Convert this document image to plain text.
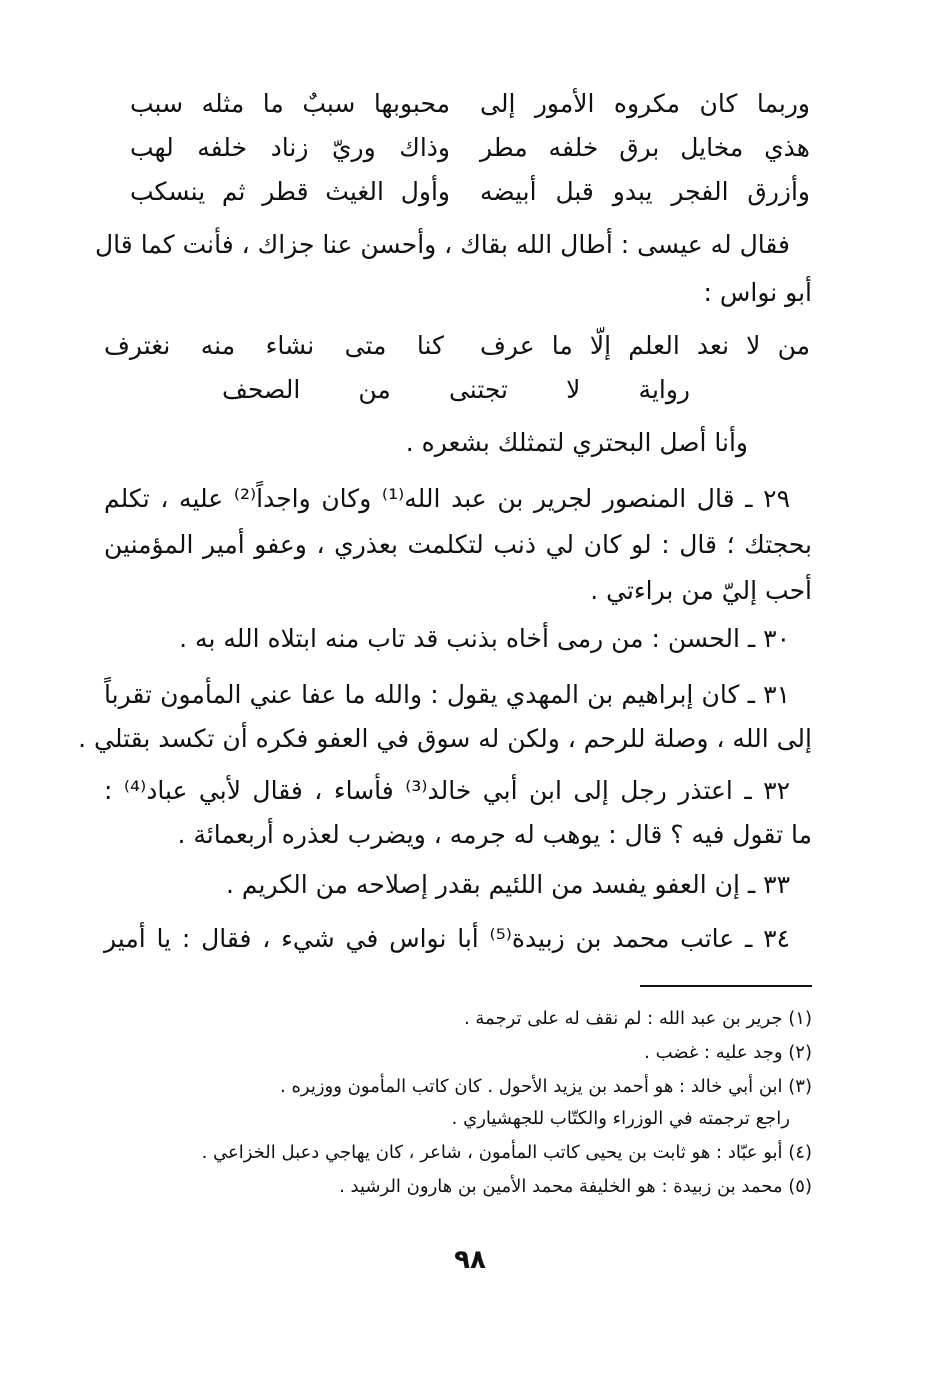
وربما كان مكروه الأمور إلى
محبوبها سببٌ ما مثله سبب
هذي مخايل برق خلفه مطر
وذاك وريّ زناد خلفه لهب
وأزرق الفجر يبدو قبل أبيضه
وأول الغيث قطر ثم ينسكب
فقال له عيسى : أطال الله بقاك ، وأحسن عنا جزاك ، فأنت كما قال
أبو نواس :
من لا نعد العلم إلّا ما عرف
كنا متى نشاء منه نغترف
رواية لا تجتنى من الصحف
وأنا أصل البحتري لتمثلك بشعره .
٢٩ ـ قال المنصور لجرير بن عبد الله⁽¹⁾ وكان واجداً⁽²⁾ عليه ، تكلم
بحجتك ؛ قال : لو كان لي ذنب لتكلمت بعذري ، وعفو أمير المؤمنين
أحب إليّ من براءتي .
٣٠ ـ الحسن : من رمى أخاه بذنب قد تاب منه ابتلاه الله به .
٣١ ـ كان إبراهيم بن المهدي يقول : والله ما عفا عني المأمون تقرباً
إلى الله ، وصلة للرحم ، ولكن له سوق في العفو فكره أن تكسد بقتلي .
٣٢ ـ اعتذر رجل إلى ابن أبي خالد⁽³⁾ فأساء ، فقال لأبي عباد⁽⁴⁾ :
ما تقول فيه ؟ قال : يوهب له جرمه ، ويضرب لعذره أربعمائة .
٣٣ ـ إن العفو يفسد من اللئيم بقدر إصلاحه من الكريم .
٣٤ ـ عاتب محمد بن زبيدة⁽⁵⁾ أبا نواس في شيء ، فقال : يا أمير
(١) جرير بن عبد الله : لم نقف له على ترجمة .
(٢) وجد عليه : غضب .
(٣) ابن أبي خالد : هو أحمد بن يزيد الأحول . كان كاتب المأمون ووزيره .
راجع ترجمته في الوزراء والكتّاب للجهشياري .
(٤) أبو عبّاد : هو ثابت بن يحيى كاتب المأمون ، شاعر ، كان يهاجي دعبل الخزاعي .
(٥) محمد بن زبيدة : هو الخليفة محمد الأمين بن هارون الرشيد .
٩٨
